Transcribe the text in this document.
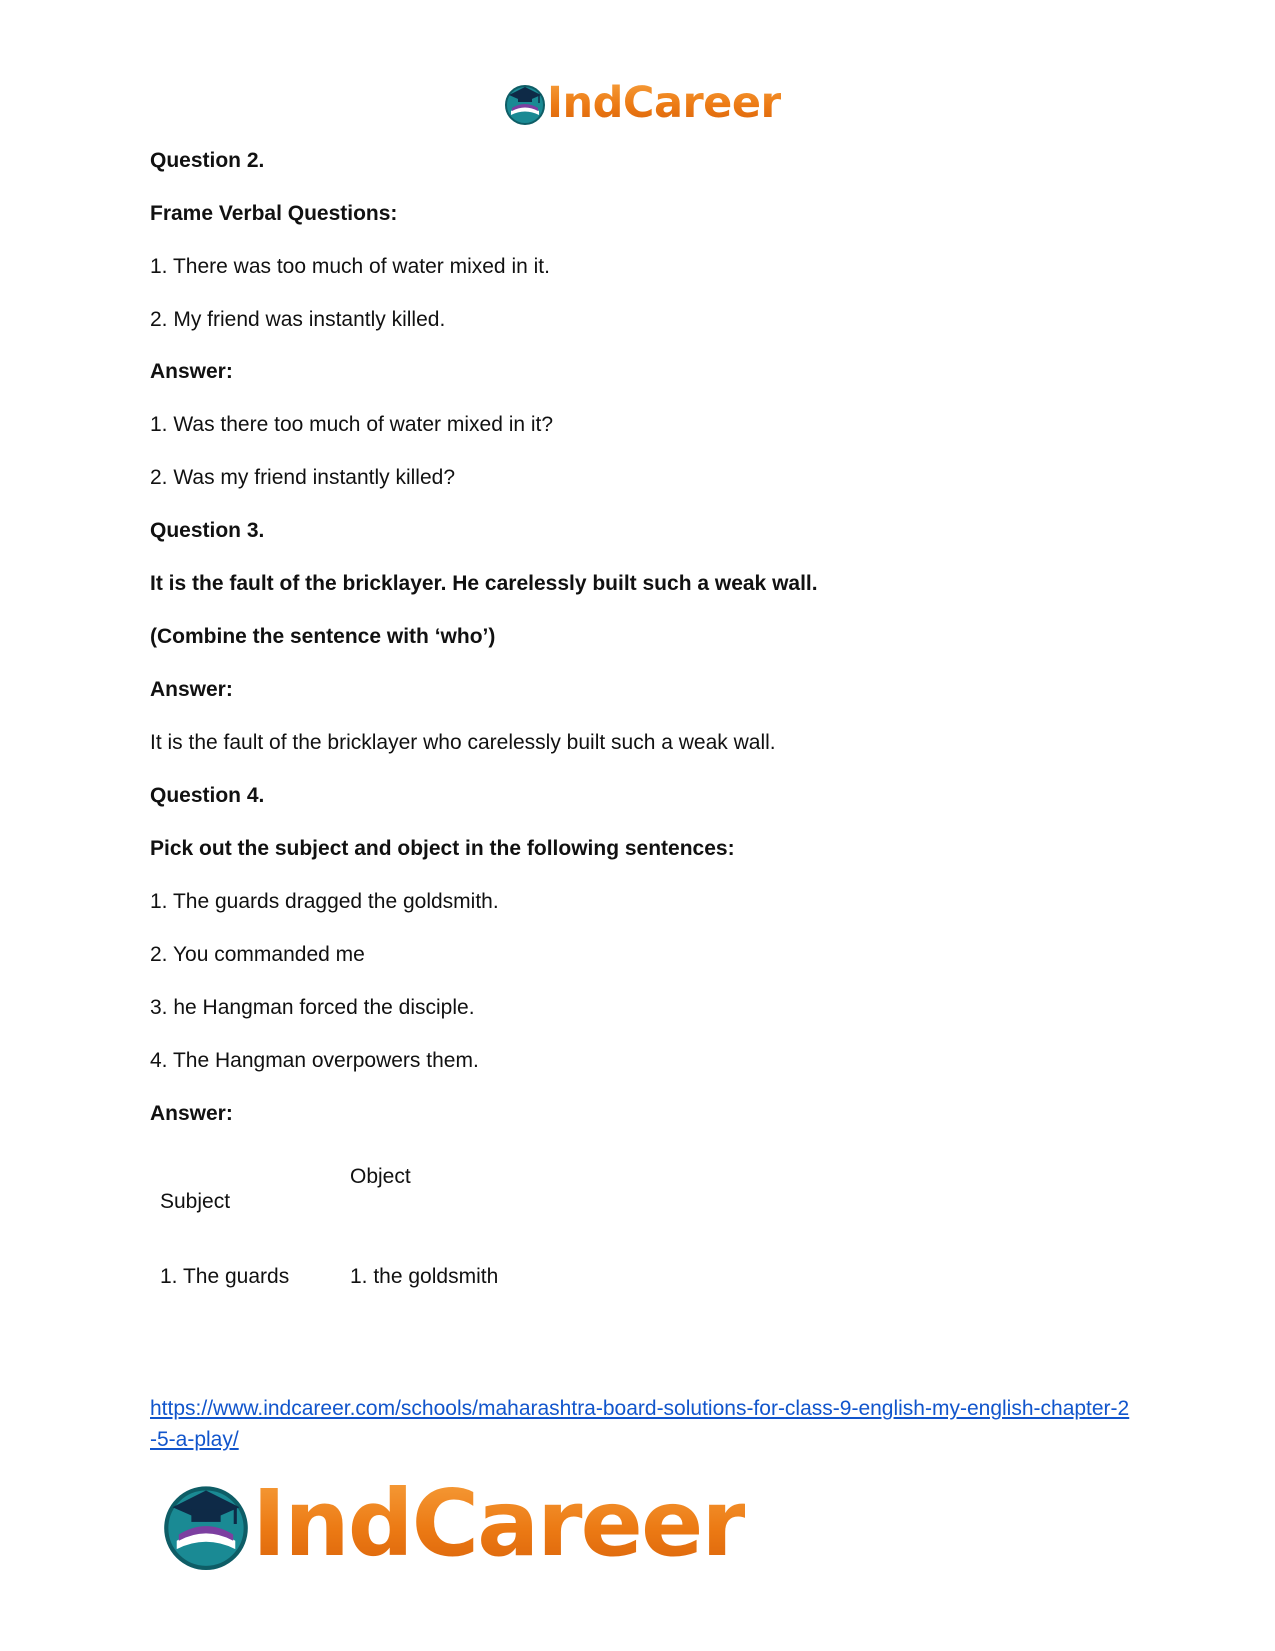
IndCareer
Question 2.
Frame Verbal Questions:
1. There was too much of water mixed in it.
2. My friend was instantly killed.
Answer:
1. Was there too much of water mixed in it?
2. Was my friend instantly killed?
Question 3.
It is the fault of the bricklayer. He carelessly built such a weak wall.
(Combine the sentence with ‘who’)
Answer:
It is the fault of the bricklayer who carelessly built such a weak wall.
Question 4.
Pick out the subject and object in the following sentences:
1. The guards dragged the goldsmith.
2. You commanded me
3. he Hangman forced the disciple.
4. The Hangman overpowers them.
Answer:
Subject
Object
1. The guards	1. the goldsmith
https://www.indcareer.com/schools/maharashtra-board-solutions-for-class-9-english-my-english-chapter-2-5-a-play/
IndCareer
